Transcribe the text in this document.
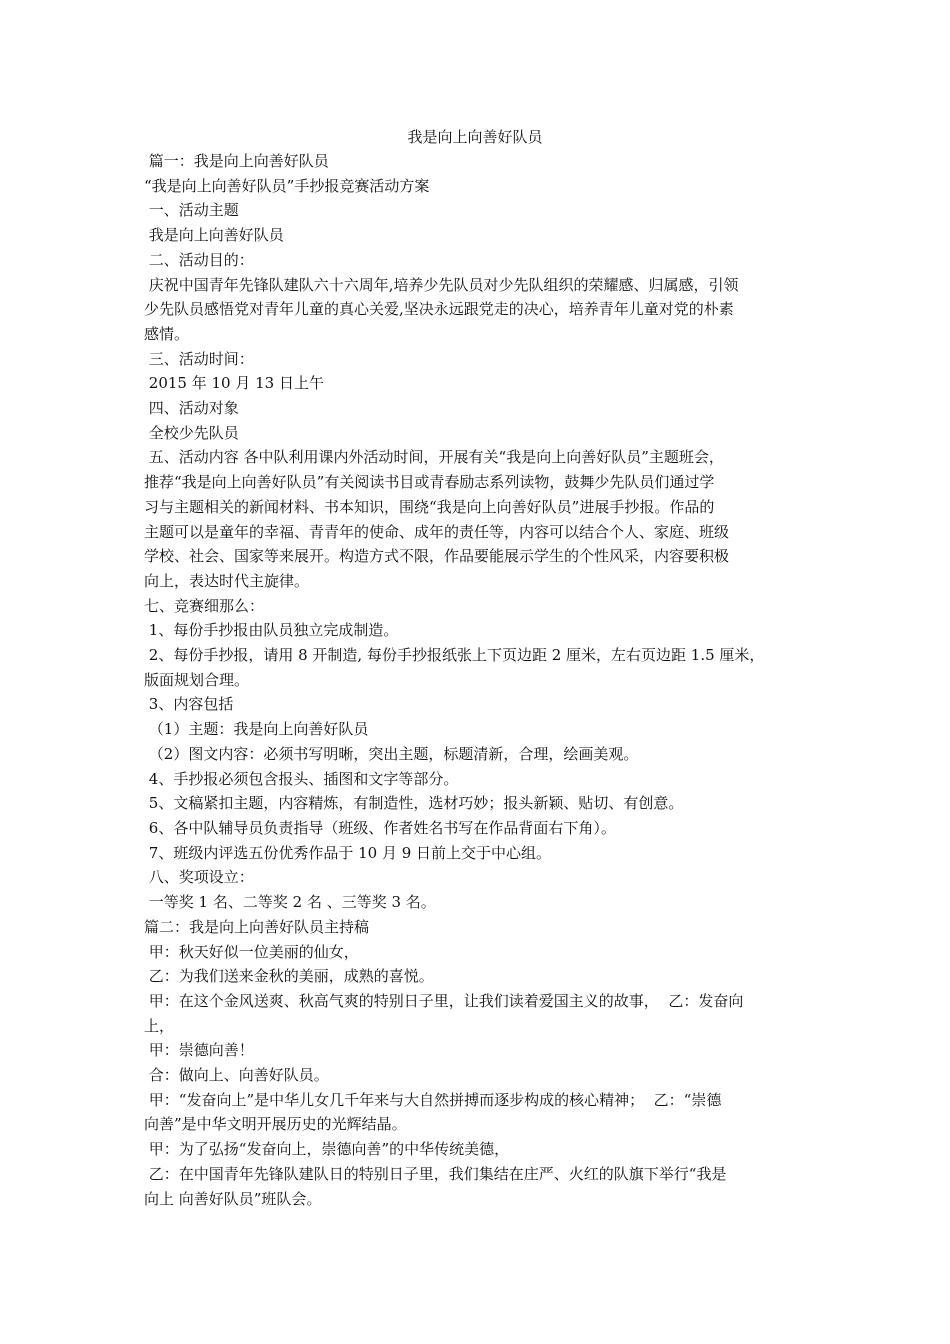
我是向上向善好队员

篇一：我是向上向善好队员

“我是向上向善好队员”手抄报竞赛活动方案

一、活动主题

我是向上向善好队员

二、活动目的：

庆祝中国青年先锋队建队六十六周年,培养少先队员对少先队组织的荣耀感、归属感，引领

少先队员感悟党对青年儿童的真心关爱,坚决永远跟党走的决心，培养青年儿童对党的朴素

感情。

三、活动时间：

2015 年 10 月 13 日上午

四、活动对象

全校少先队员

五、活动内容 各中队利用课内外活动时间，开展有关“我是向上向善好队员”主题班会，

推荐“我是向上向善好队员”有关阅读书目或青春励志系列读物，鼓舞少先队员们通过学

习与主题相关的新闻材料、书本知识，围绕“我是向上向善好队员”进展手抄报。作品的

主题可以是童年的幸福、青青年的使命、成年的责任等，内容可以结合个人、家庭、班级

学校、社会、国家等来展开。构造方式不限，作品要能展示学生的个性风采，内容要积极

向上，表达时代主旋律。

七、竞赛细那么：

1、每份手抄报由队员独立完成制造。

2、每份手抄报，请用 8 开制造, 每份手抄报纸张上下页边距 2 厘米，左右页边距 1.5 厘米，

版面规划合理。

3、内容包括

（1）主题：我是向上向善好队员

（2）图文内容：必须书写明晰，突出主题，标题清新，合理，绘画美观。

4、手抄报必须包含报头、插图和文字等部分。

5、文稿紧扣主题，内容精炼，有制造性，选材巧妙；报头新颖、贴切、有创意。

6、各中队辅导员负责指导（班级、作者姓名书写在作品背面右下角）。

7、班级内评选五份优秀作品于 10 月 9 日前上交于中心组。

八、奖项设立：

一等奖 1 名、二等奖 2 名 、三等奖 3 名。

篇二：我是向上向善好队员主持稿

甲：秋天好似一位美丽的仙女，

乙：为我们送来金秋的美丽，成熟的喜悦。

甲：在这个金风送爽、秋高气爽的特别日子里，让我们读着爱国主义的故事，  乙：发奋向

上，

甲：崇德向善！

合：做向上、向善好队员。

甲：“发奋向上”是中华儿女几千年来与大自然拼搏而逐步构成的核心精神；  乙：“崇德

向善”是中华文明开展历史的光辉结晶。

甲：为了弘扬“发奋向上，崇德向善”的中华传统美德，

乙：在中国青年先锋队建队日的特别日子里，我们集结在庄严、火红的队旗下举行“我是

向上 向善好队员”班队会。
